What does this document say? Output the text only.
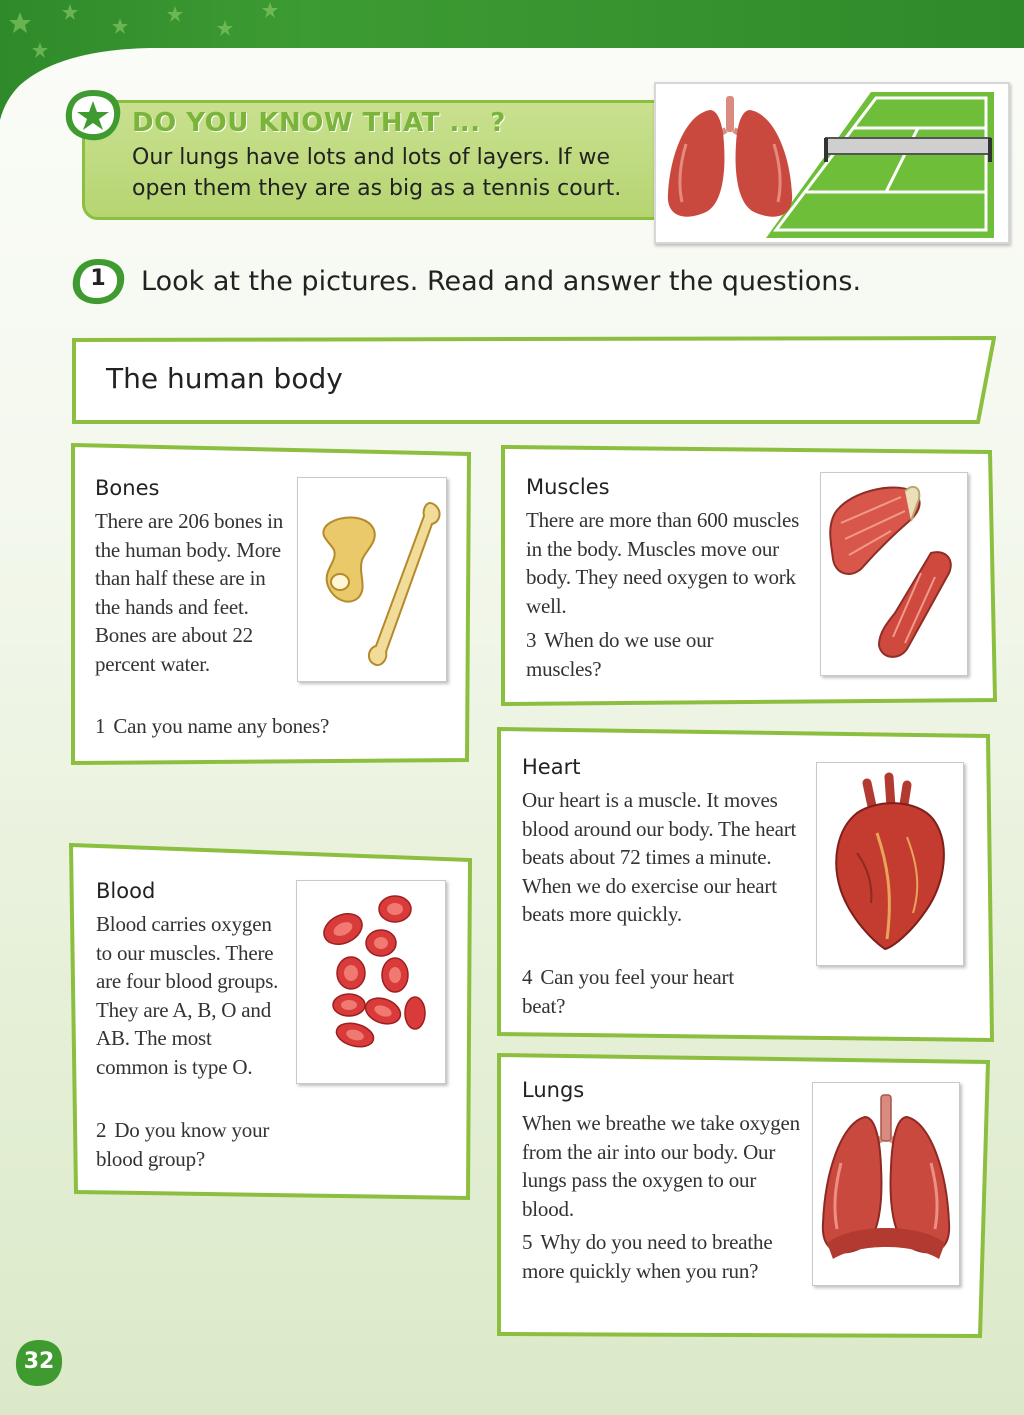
DO YOU KNOW THAT ... ?
Our lungs have lots and lots of layers. If we open them they are as big as a tennis court.
1	Look at the pictures. Read and answer the questions.
The human body
Bones
There are 206 bones in the human body. More than half these are in the hands and feet. Bones are about 22 percent water.
1 Can you name any bones?
Muscles
There are more than 600 muscles in the body. Muscles move our body. They need oxygen to work well.
3 When do we use our muscles?
Heart
Our heart is a muscle. It moves blood around our body. The heart beats about 72 times a minute. When we do exercise our heart beats more quickly.
4 Can you feel your heart beat?
Blood
Blood carries oxygen to our muscles. There are four blood groups. They are A, B, O and AB. The most common is type O.
2 Do you know your blood group?
Lungs
When we breathe we take oxygen from the air into our body. Our lungs pass the oxygen to our blood.
5 Why do you need to breathe more quickly when you run?
32
